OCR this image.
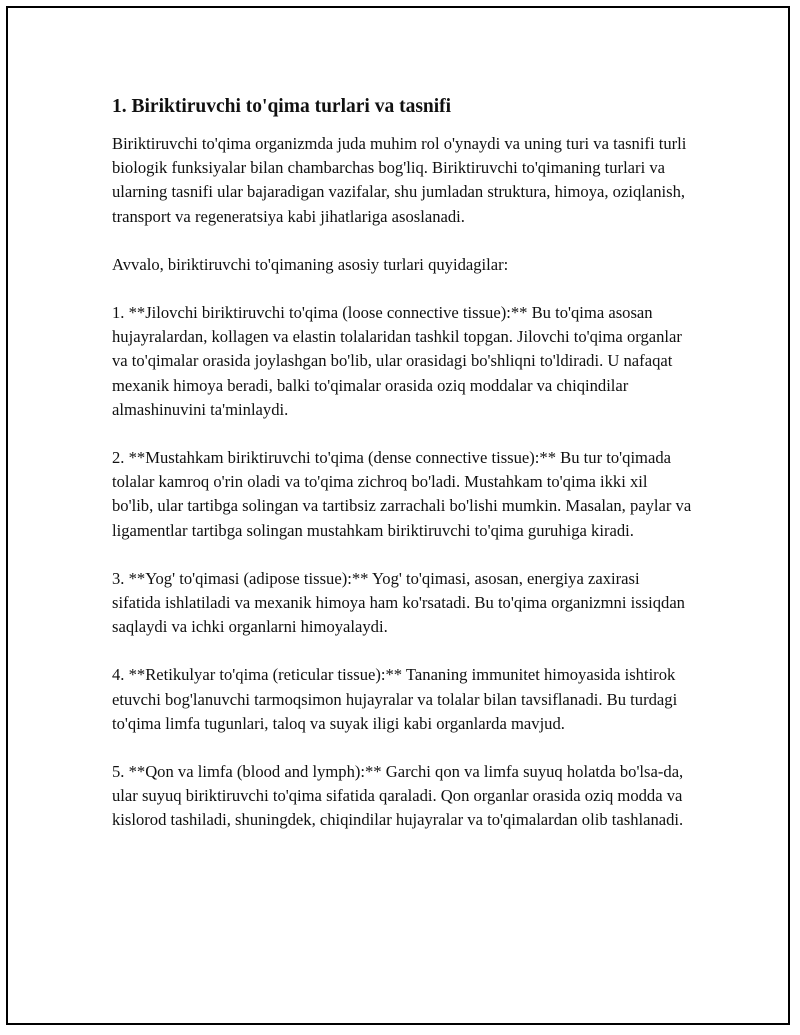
1. Biriktiruvchi to'qima turlari va tasnifi

Biriktiruvchi to'qima organizmda juda muhim rol o'ynaydi va uning turi va tasnifi turli biologik funksiyalar bilan chambarchas bog'liq. Biriktiruvchi to'qimaning turlari va ularning tasnifi ular bajaradigan vazifalar, shu jumladan struktura, himoya, oziqlanish, transport va regeneratsiya kabi jihatlariga asoslanadi.

Avvalo, biriktiruvchi to'qimaning asosiy turlari quyidagilar:

1. **Jilovchi biriktiruvchi to'qima (loose connective tissue):** Bu to'qima asosan hujayralardan, kollagen va elastin tolalaridan tashkil topgan. Jilovchi to'qima organlar va to'qimalar orasida joylashgan bo'lib, ular orasidagi bo'shliqni to'ldiradi. U nafaqat mexanik himoya beradi, balki to'qimalar orasida oziq moddalar va chiqindilar almashinuvini ta'minlaydi.

2. **Mustahkam biriktiruvchi to'qima (dense connective tissue):** Bu tur to'qimada tolalar kamroq o'rin oladi va to'qima zichroq bo'ladi. Mustahkam to'qima ikki xil bo'lib, ular tartibga solingan va tartibsiz zarrachali bo'lishi mumkin. Masalan, paylar va ligamentlar tartibga solingan mustahkam biriktiruvchi to'qima guruhiga kiradi.

3. **Yog' to'qimasi (adipose tissue):** Yog' to'qimasi, asosan, energiya zaxirasi sifatida ishlatiladi va mexanik himoya ham ko'rsatadi. Bu to'qima organizmni issiqdan saqlaydi va ichki organlarni himoyalaydi.

4. **Retikulyar to'qima (reticular tissue):** Tananing immunitet himoyasida ishtirok etuvchi bog'lanuvchi tarmoqsimon hujayralar va tolalar bilan tavsiflanadi. Bu turdagi to'qima limfa tugunlari, taloq va suyak iligi kabi organlarda mavjud.

5. **Qon va limfa (blood and lymph):** Garchi qon va limfa suyuq holatda bo'lsa-da, ular suyuq biriktiruvchi to'qima sifatida qaraladi. Qon organlar orasida oziq modda va kislorod tashiladi, shuningdek, chiqindilar hujayralar va to'qimalardan olib tashlanadi.
